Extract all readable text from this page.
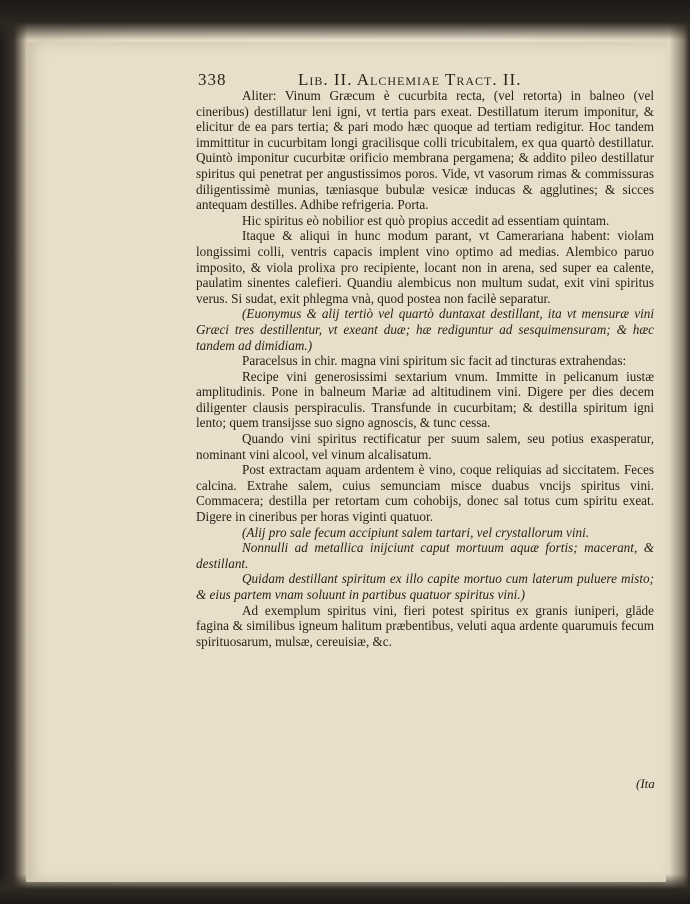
338	Lib. II. Alchemiae Tract. II.

Aliter: Vinum Græcum è cucurbita recta, (vel retorta) in balneo (vel cineribus) destillatur leni igni, vt tertia pars exeat. Destillatum iterum imponitur, & elicitur de ea pars tertia; & pari modo hæc quoque ad tertiam redigitur. Hoc tandem immittitur in cucurbitam longi gracilisque colli tricubitalem, ex qua quartò destillatur. Quintò imponitur cucurbitæ orificio membrana pergamena; & addito pileo destillatur spiritus qui penetrat per angustissimos poros. Vide, vt vasorum rimas & commissuras diligentissimè munias, tæniasque bubulæ vesicæ inducas & agglutines; & sicces antequam destilles. Adhibe refrigeria. Porta.

Hic spiritus eò nobilior est quò propius accedit ad essentiam quintam.

Itaque & aliqui in hunc modum parant, vt Camerariana habent: violam longissimi colli, ventris capacis implent vino optimo ad medias. Alembico paruo imposito, & viola prolixa pro recipiente, locant non in arena, sed super ea calente, paulatim sinentes calefieri. Quandiu alembicus non multum sudat, exit vini spiritus verus. Si sudat, exit phlegma vnà, quod postea non facilè separatur.

(Euonymus & alij tertiò vel quartò duntaxat destillant, ita vt mensuræ vini Græci tres destillentur, vt exeant duæ; hæ rediguntur ad sesquimensuram; & hæc tandem ad dimidiam.)

Paracelsus in chir. magna vini spiritum sic facit ad tincturas extrahendas:

Recipe vini generosissimi sextarium vnum. Immitte in pelicanum iustæ amplitudinis. Pone in balneum Mariæ ad altitudinem vini. Digere per dies decem diligenter clausis perspiraculis. Transfunde in cucurbitam; & destilla spiritum igni lento; quem transijsse suo signo agnoscis, & tunc cessa.

Quando vini spiritus rectificatur per suum salem, seu potius exasperatur, nominant vini alcool, vel vinum alcalisatum.

Post extractam aquam ardentem è vino, coque reliquias ad siccitatem. Feces calcina. Extrahe salem, cuius semunciam misce duabus vncijs spiritus vini. Commacera; destilla per retortam cum cohobijs, donec sal totus cum spiritu exeat. Digere in cineribus per horas viginti quatuor.

(Alij pro sale fecum accipiunt salem tartari, vel crystallorum vini.

Nonnulli ad metallica inijciunt caput mortuum aquæ fortis; macerant, & destillant.

Quidam destillant spiritum ex illo capite mortuo cum laterum puluere misto; & eius partem vnam soluunt in partibus quatuor spiritus vini.)

Ad exemplum spiritus vini, fieri potest spiritus ex granis iuniperi, glāde fagina & similibus igneum halitum præbentibus, veluti aqua ardente quarumuis fecum spirituosarum, mulsæ, cereuisiæ, &c.

(Ita
